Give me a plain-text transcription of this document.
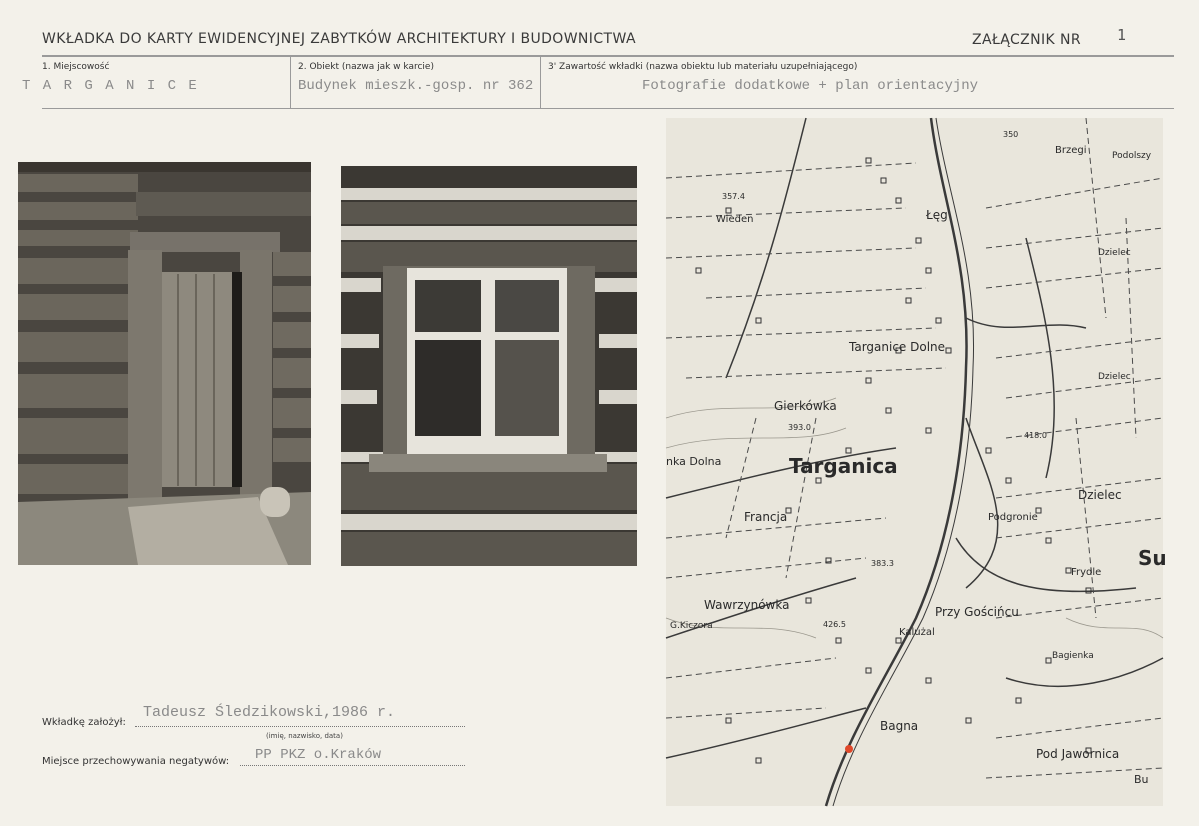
WKŁADKA DO KARTY EWIDENCYJNEJ ZABYTKÓW ARCHITEKTURY I BUDOWNICTWA	ZAŁĄCZNIK NR 1
1. Miejscowość
T A R G A N I C E
2. Obiekt (nazwa jak w karcie)
Budynek mieszk.-gosp. nr 362
3' Zawartość wkładki (nazwa obiektu lub materiału uzupełniającego)
Fotografie dodatkowe + plan orientacyjny
Brzegi	Podolszy
Wieden	Łęg
Dzielec
Targanice Dolne
Gierkówka
Dzielec
Targanica
nka Dolna
Dzielec
Francja	Podgronie
Frydle
Su
Wawrzynówka
G.Kiczora
Przy Gościńcu
Kalużal
Bagienka
Bagna
Pod Jawornica
Bu
350
357.4
393.0
418.0
383.3
426.5
Wkładkę założył:
Tadeusz Śledzikowski,1986 r.
(imię, nazwisko, data)
Miejsce przechowywania negatywów: PP PKZ o.Kraków
